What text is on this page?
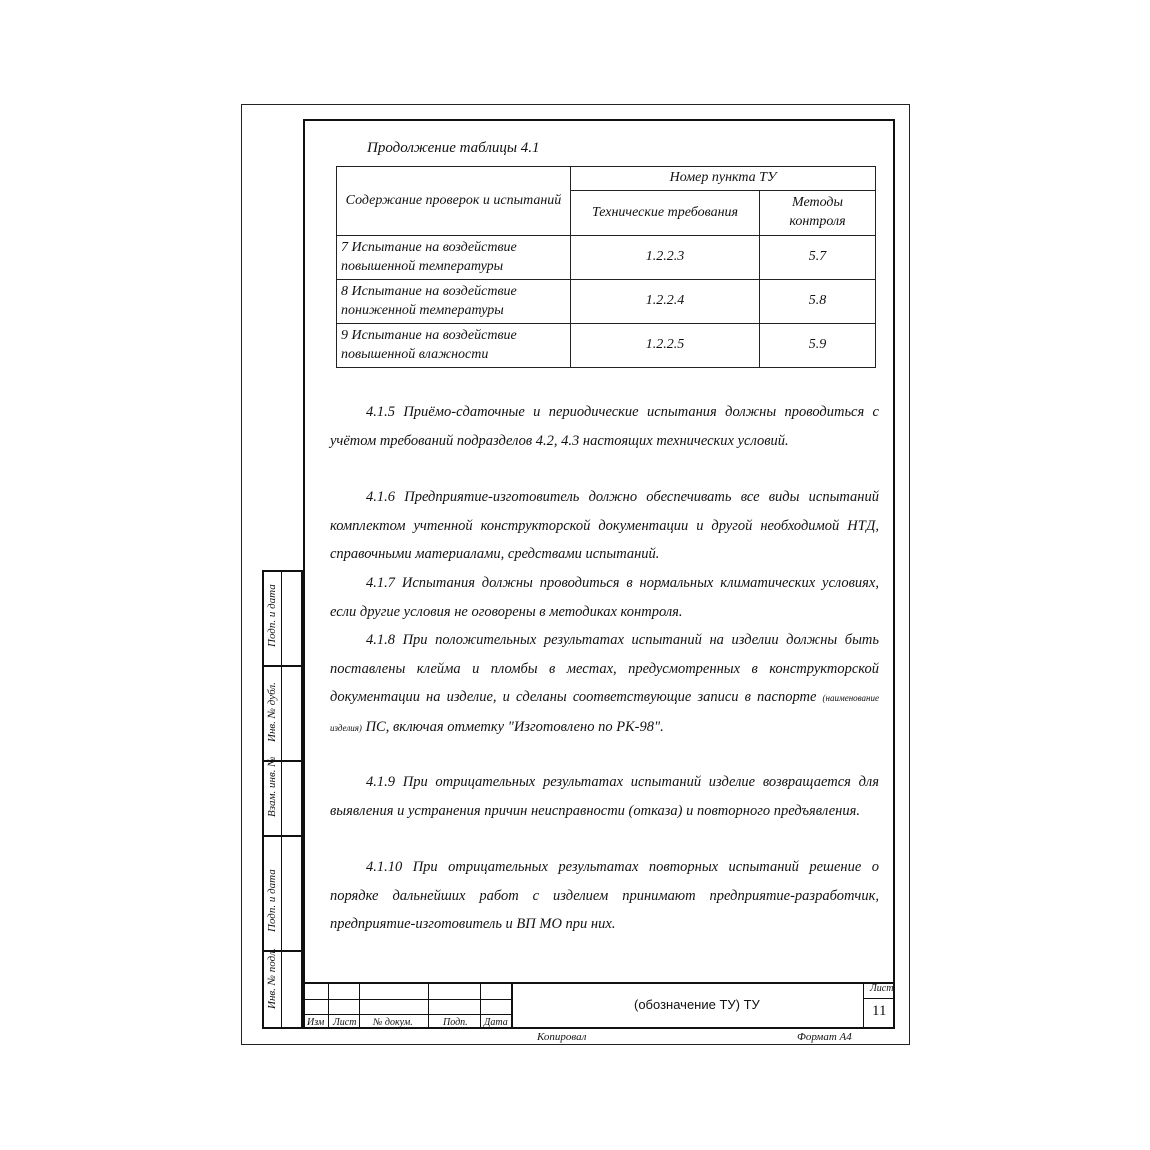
Продолжение таблицы 4.1
Содержание проверок и испытаний	Номер пункта ТУ	
	Технические требования	Методы контроля
7 Испытание на воздействие повышенной температуры	1.2.2.3	5.7
8 Испытание на воздействие пониженной температуры	1.2.2.4	5.8
9 Испытание на воздействие повышенной влажности	1.2.2.5	5.9
4.1.5 Приёмо-сдаточные и периодические испытания должны проводиться с учётом требований подразделов 4.2, 4.3 настоящих технических условий.
4.1.6 Предприятие-изготовитель должно обеспечивать все виды испытаний комплектом учтенной конструкторской документации и другой необходимой НТД, справочными материалами, средствами испытаний.
4.1.7 Испытания должны проводиться в нормальных климатических условиях, если другие условия не оговорены в методиках контроля.
4.1.8 При положительных результатах испытаний на изделии должны быть поставлены клейма и пломбы в местах, предусмотренных в конструкторской документации на изделие, и сделаны соответствующие записи в паспорте (наименование изделия) ПС, включая отметку "Изготовлено по РК-98".
4.1.9 При отрицательных результатах испытаний изделие возвращается для выявления и устранения причин неисправности (отказа) и повторного предъявления.
4.1.10 При отрицательных результатах повторных испытаний решение о порядке дальнейших работ с изделием принимают предприятие-разработчик, предприятие-изготовитель и ВП МО при них.
Подп. и дата
Инв. № дубл.
Взам. инв. №
Подп. и дата
Инв. № подл.
Изм Лист № докум.	Подп. Дата
(обозначение ТУ) ТУ
Лист
11
Копировал	Формат А4
